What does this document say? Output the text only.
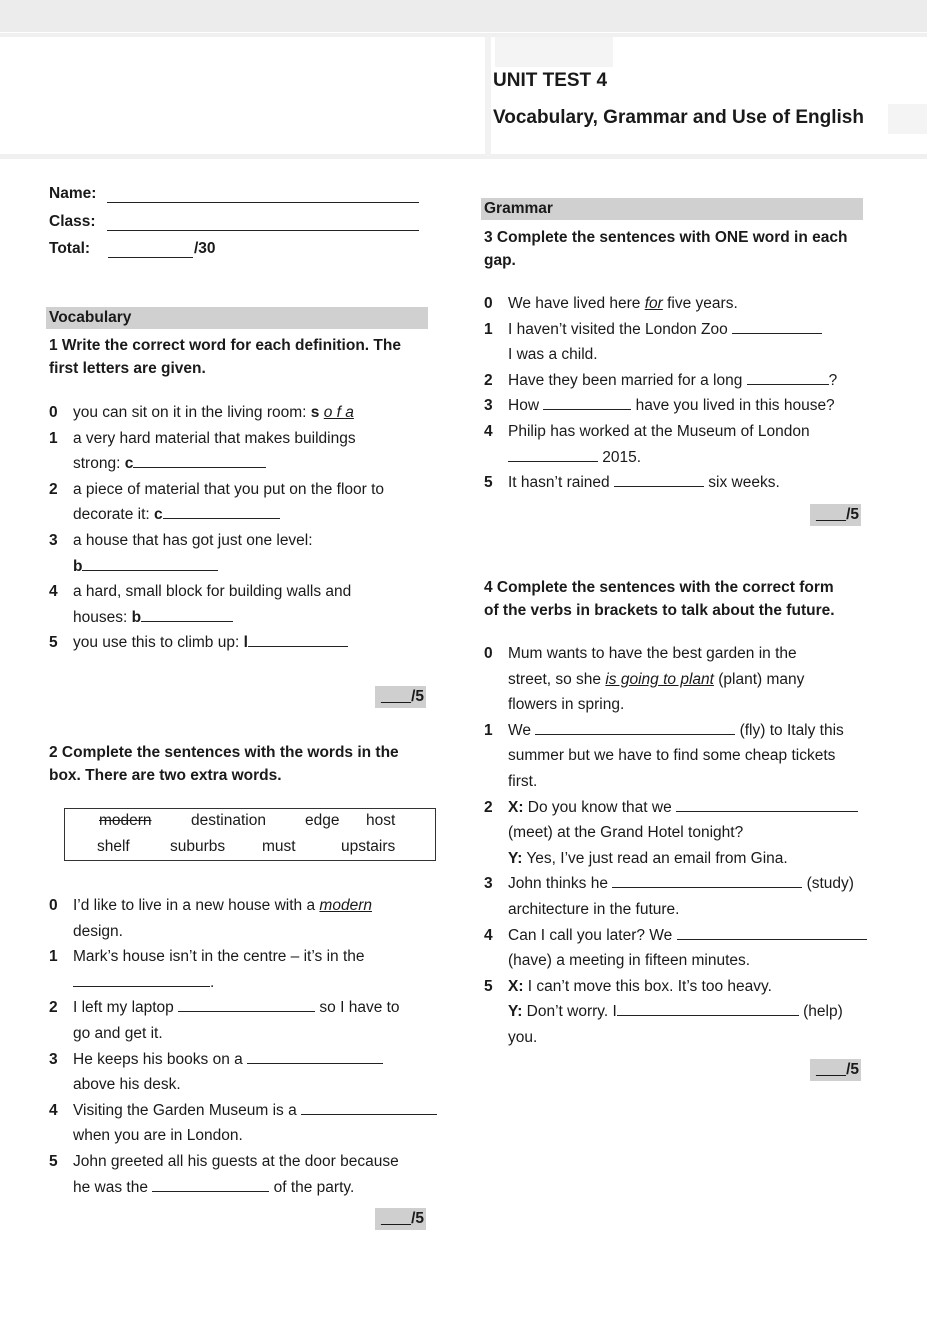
UNIT TEST 4
Vocabulary, Grammar and Use of English
Name:
Class:
Total:	/30
Vocabulary
1 Write the correct word for each definition. The
first letters are given.
0 you can sit on it in the living room: s o f a
1 a very hard material that makes buildings
strong: c
2 a piece of material that you put on the floor to
decorate it: c
3 a house that has got just one level:
b
4 a hard, small block for building walls and
houses: b
5 you use this to climb up: l
/5
2 Complete the sentences with the words in the
box. There are two extra words.
modern	destination	edge host
shelf	suburbs must	upstairs
0 I’d like to live in a new house with a modern
design.
1 Mark’s house isn’t in the centre – it’s in the
.
2 I left my laptop	so I have to
go and get it.
3 He keeps his books on a
above his desk.
4 Visiting the Garden Museum is a
when you are in London.
5 John greeted all his guests at the door because
he was the	of the party.
/5
Grammar
3 Complete the sentences with ONE word in each
gap.
0 We have lived here for five years.
1 I haven’t visited the London Zoo
I was a child.
2 Have they been married for a long	?
3 How	have you lived in this house?
4 Philip has worked at the Museum of London
2015.
5 It hasn’t rained	six weeks.
/5
4 Complete the sentences with the correct form
of the verbs in brackets to talk about the future.
0 Mum wants to have the best garden in the
street, so she is going to plant (plant) many
flowers in spring.
1 We	(fly) to Italy this
summer but we have to find some cheap tickets
first.
2 X: Do you know that we
(meet) at the Grand Hotel tonight?
Y: Yes, I’ve just read an email from Gina.
3 John thinks he	(study)
architecture in the future.
4 Can I call you later? We
(have) a meeting in fifteen minutes.
5 X: I can’t move this box. It’s too heavy.
Y: Don’t worry. I	(help)
you.
/5
